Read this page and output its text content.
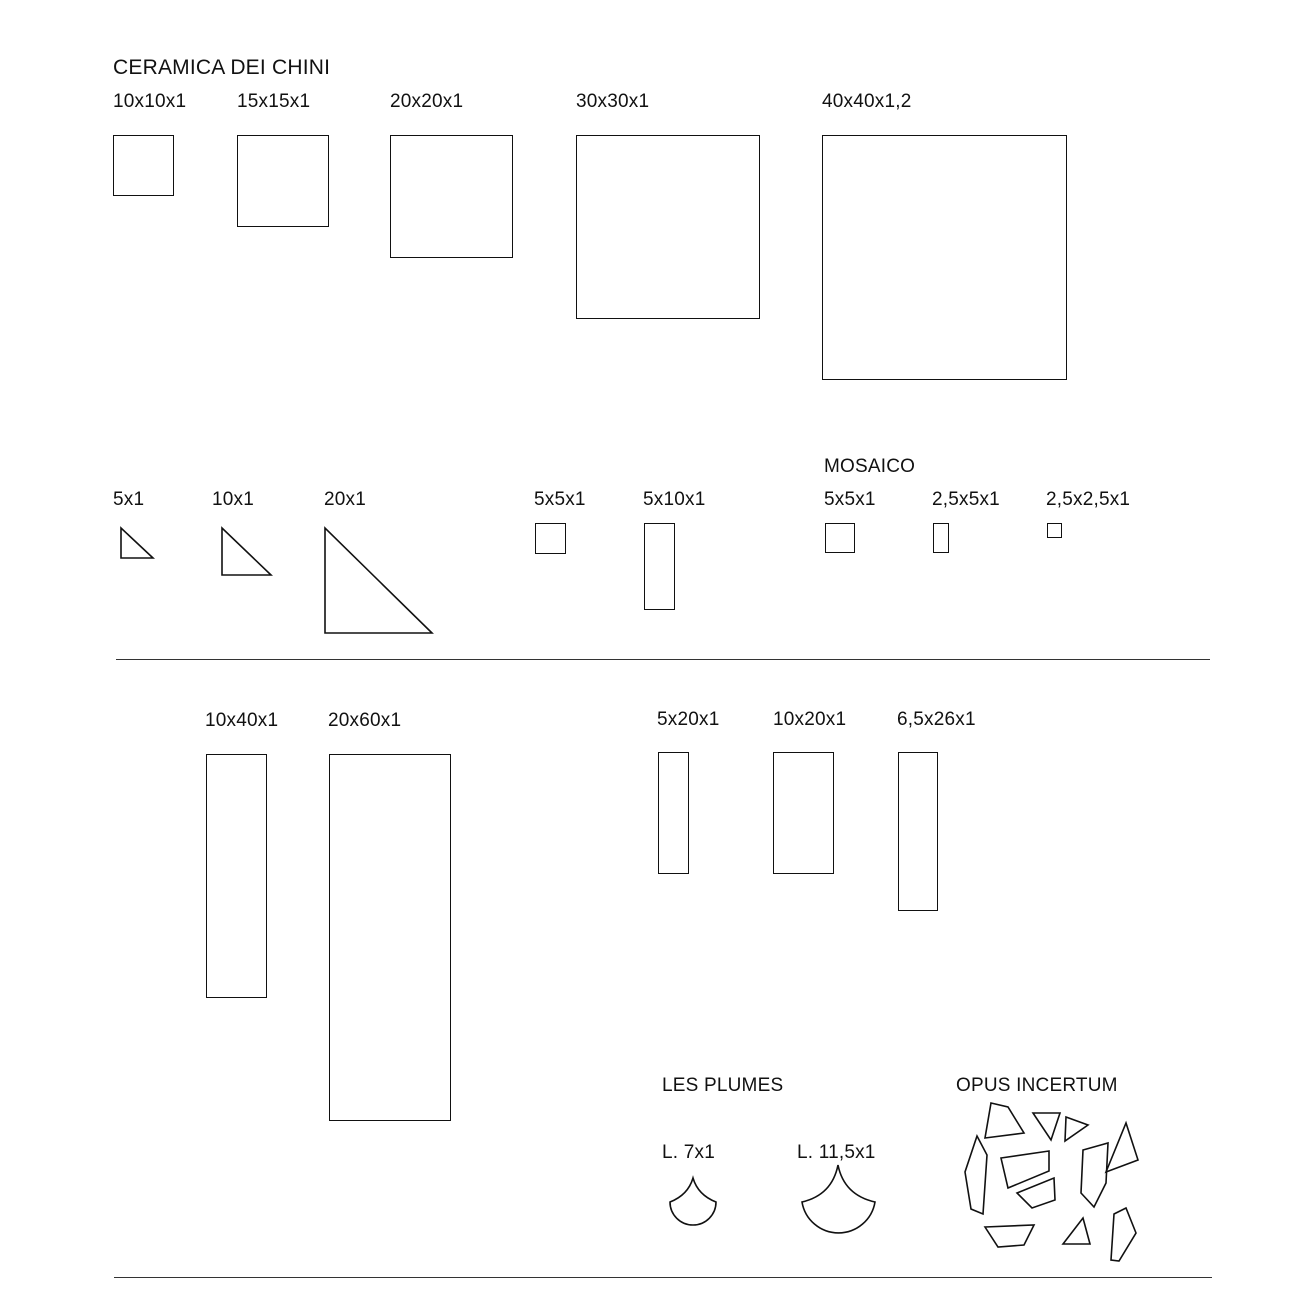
CERAMICA DEI CHINI
10x10x1	15x15x1	20x20x1	30x30x1	40x40x1,2
5x1	10x1	20x1	5x5x1	5x10x1
MOSAICO
5x5x1	2,5x5x1 2,5x2,5x1
10x40x1	20x60x1	5x20x1	10x20x1	6,5x26x1
LES PLUMES
L. 7x1	L. 11,5x1
OPUS INCERTUM
